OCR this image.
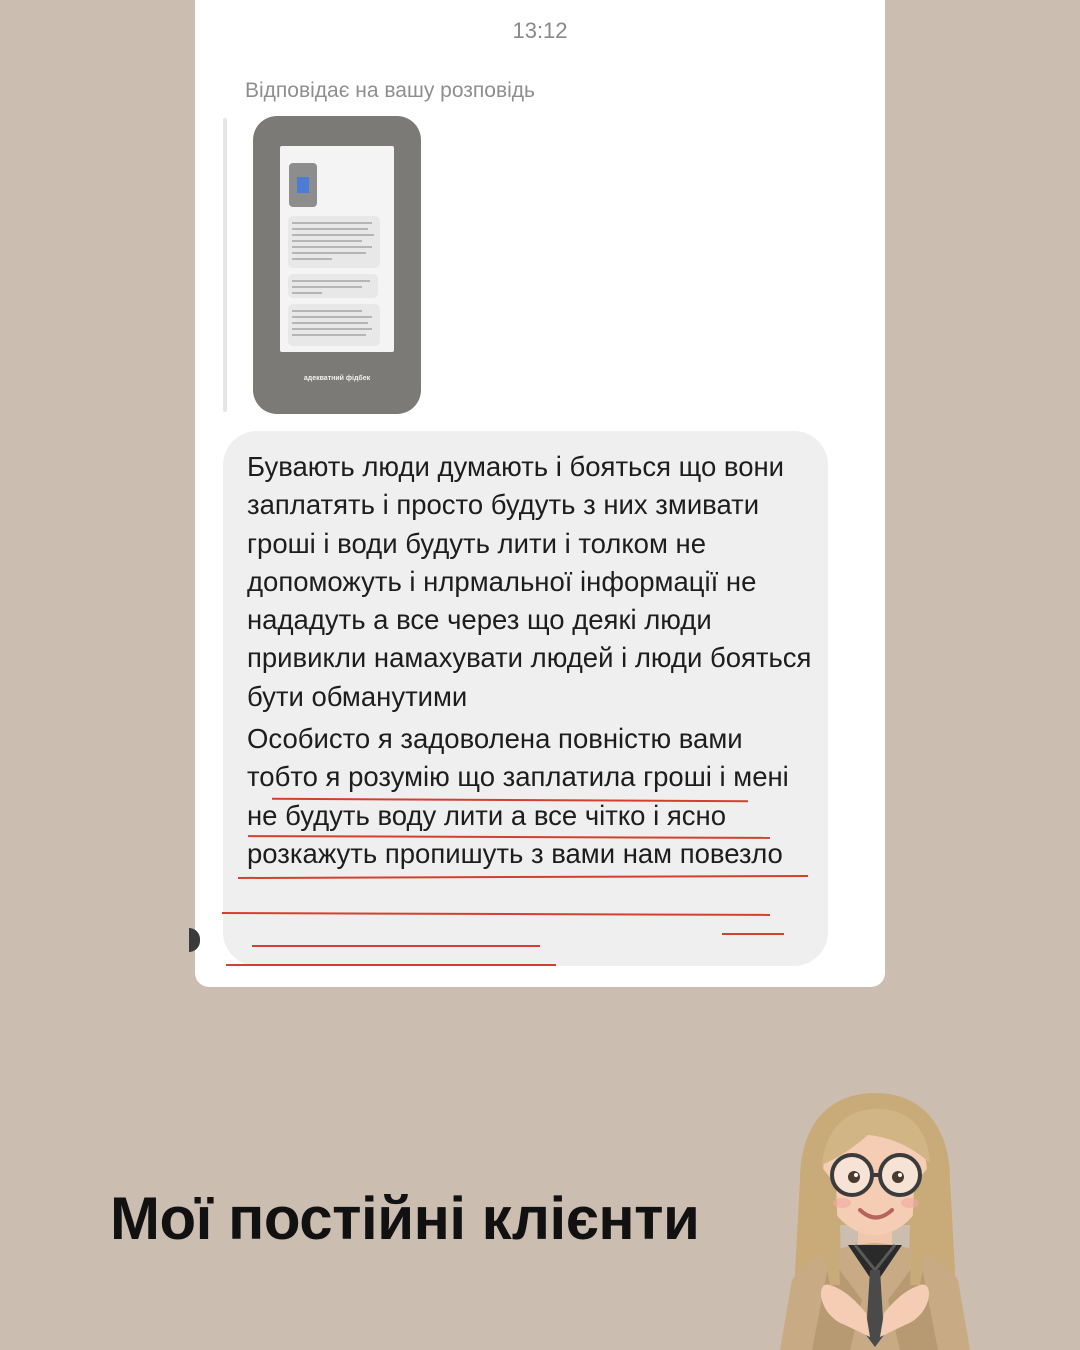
13:12
Відповідає на вашу розповідь
адекватний фідбек

Бувають люди думають і бояться що вони заплатять і просто будуть з них змивати гроші і води будуть лити і толком не допоможуть і нлрмальної інформації не нададуть а все через що деякі люди привикли намахувати людей і люди бояться бути обманутими

Особисто я задоволена повністю вами тобто я розумію що заплатила гроші і мені не будуть воду лити а все чітко і ясно розкажуть пропишуть з вами нам повезло

Мої постійні клієнти
